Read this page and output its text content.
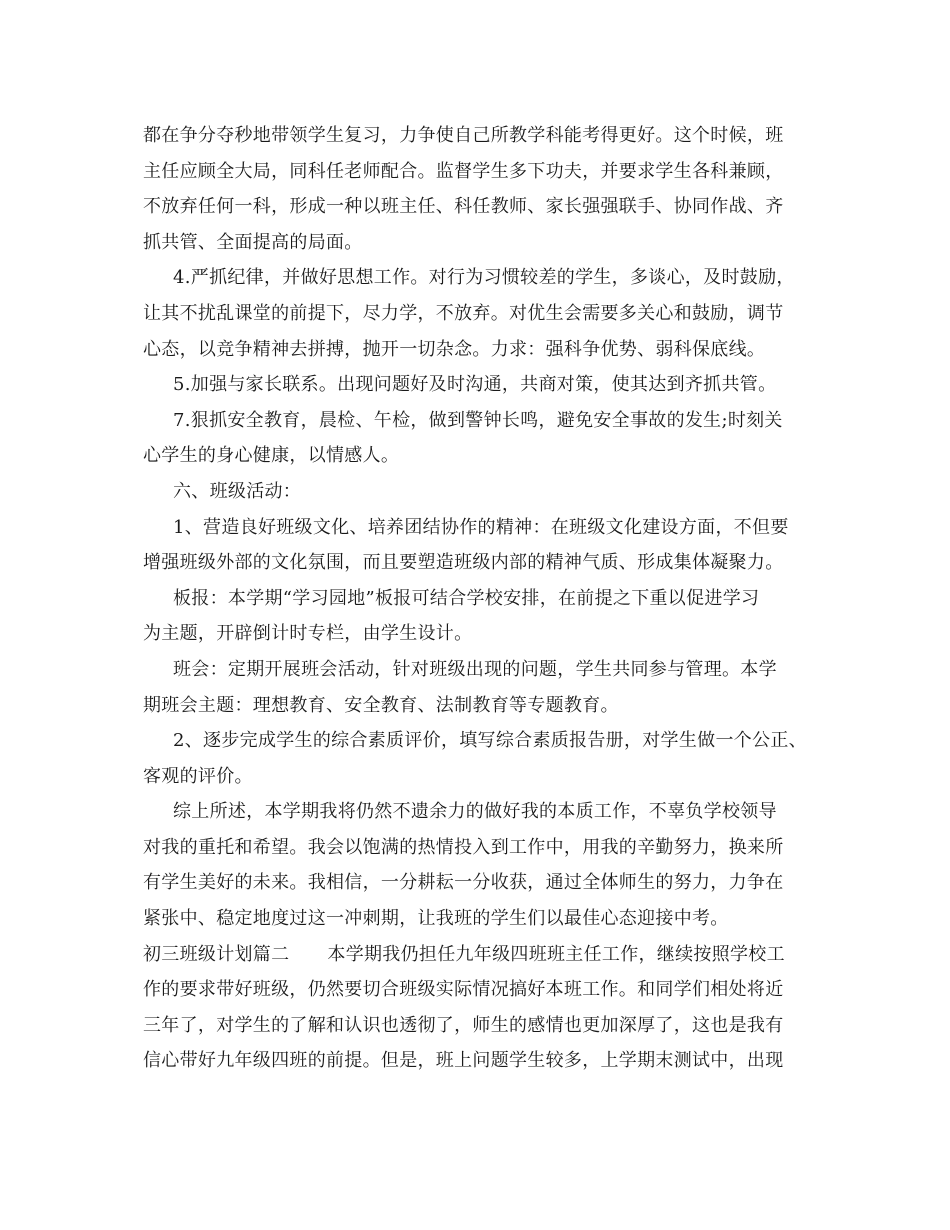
都在争分夺秒地带领学生复习，力争使自己所教学科能考得更好。这个时候，班
主任应顾全大局，同科任老师配合。监督学生多下功夫，并要求学生各科兼顾，
不放弃任何一科，形成一种以班主任、科任教师、家长强强联手、协同作战、齐
抓共管、全面提高的局面。
4.严抓纪律，并做好思想工作。对行为习惯较差的学生，多谈心，及时鼓励，
让其不扰乱课堂的前提下，尽力学，不放弃。对优生会需要多关心和鼓励，调节
心态，以竞争精神去拼搏，抛开一切杂念。力求：强科争优势、弱科保底线。
5.加强与家长联系。出现问题好及时沟通，共商对策，使其达到齐抓共管。
7.狠抓安全教育，晨检、午检，做到警钟长鸣，避免安全事故的发生;时刻关
心学生的身心健康，以情感人。
六、班级活动：
1、营造良好班级文化、培养团结协作的精神：在班级文化建设方面，不但要
增强班级外部的文化氛围，而且要塑造班级内部的精神气质、形成集体凝聚力。
板报：本学期“学习园地”板报可结合学校安排，在前提之下重以促进学习
为主题，开辟倒计时专栏，由学生设计。
班会：定期开展班会活动，针对班级出现的问题，学生共同参与管理。本学
期班会主题：理想教育、安全教育、法制教育等专题教育。
2、逐步完成学生的综合素质评价，填写综合素质报告册，对学生做一个公正、
客观的评价。
综上所述，本学期我将仍然不遗余力的做好我的本质工作，不辜负学校领导
对我的重托和希望。我会以饱满的热情投入到工作中，用我的辛勤努力，换来所
有学生美好的未来。我相信，一分耕耘一分收获，通过全体师生的努力，力争在
紧张中、稳定地度过这一冲刺期，让我班的学生们以最佳心态迎接中考。
初三班级计划篇二 本学期我仍担任九年级四班班主任工作，继续按照学校工
作的要求带好班级，仍然要切合班级实际情况搞好本班工作。和同学们相处将近
三年了，对学生的了解和认识也透彻了，师生的感情也更加深厚了，这也是我有
信心带好九年级四班的前提。但是，班上问题学生较多，上学期末测试中，出现
